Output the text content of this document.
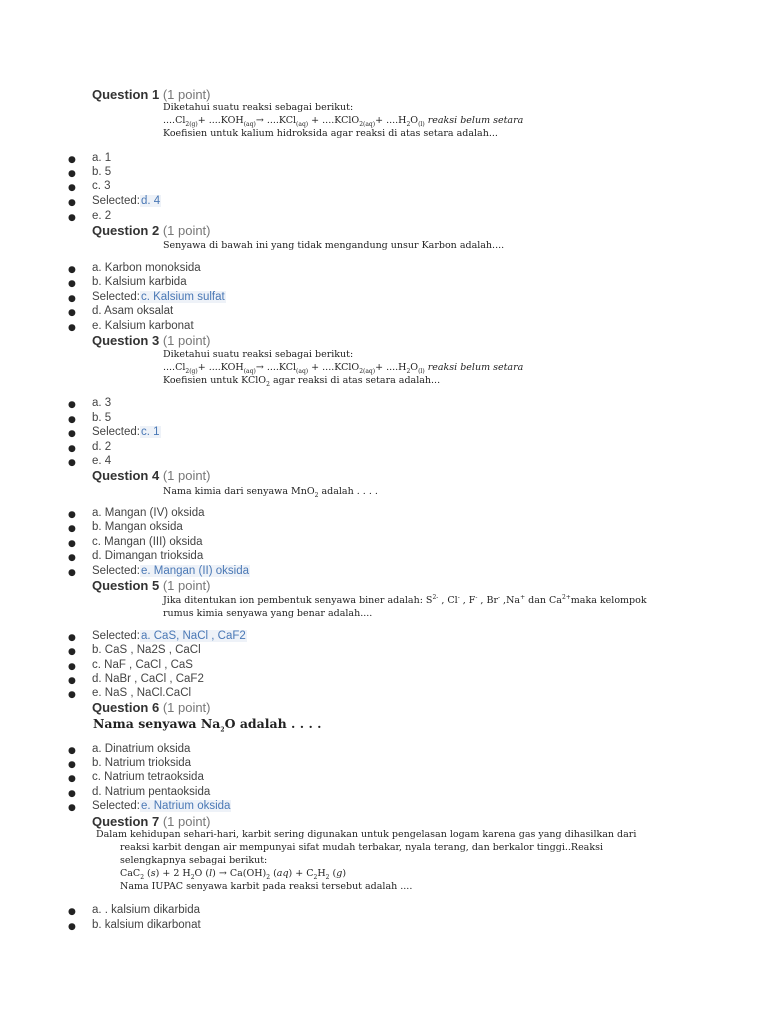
Question 1 (1 point)
Diketahui suatu reaksi sebagai berikut:
$....Cl_{2(g)}+ ....KOH_{(aq)}\to ....KCl_{(aq)}$ + ....KClO$_{2(aq)}$+ $....H_2O_{(l)}$ reaksi belum setara
Koefisien untuk kalium hidroksida agar reaksi di atas setara adalah...
● a. 1
● b. 5
● c. 3
● Selected:d. 4
● e. 2
Question 2 (1 point)
Senyawa di bawah ini yang tidak mengandung unsur Karbon adalah....
● a. Karbon monoksida
● b. Kalsium karbida
● Selected:c. Kalsium sulfat
● d. Asam oksalat
● e. Kalsium karbonat
Question 3 (1 point)
Diketahui suatu reaksi sebagai berikut:
$....Cl_{2(g)}+ ....KOH_{(aq)}\to ....KCl_{(aq)}$ + ....KClO$_{2(aq)}$+ $....H_2O_{(l)}$ reaksi belum setara
Koefisien untuk KClO$_2$ agar reaksi di atas setara adalah...
● a. 3
● b. 5
● Selected:c. 1
● d. 2
● e. 4
Question 4 (1 point)
Nama kimia dari senyawa MnO$_2$ adalah . . . .
● a. Mangan (IV) oksida
● b. Mangan oksida
● c. Mangan (III) oksida
● d. Dimangan trioksida
● Selected:e. Mangan (II) oksida
Question 5 (1 point)
Jika ditentukan ion pembentuk senyawa biner adalah: $S^{2-}$ , Cl- , F- , Br- ,Na+ dan $Ca^{2+}maka$ kelompok
rumus kimia senyawa yang benar adalah....
● Selected:a. CaS, NaCl , CaF2
● b. CaS , Na2S , CaCl
● c. NaF , CaCl , CaS
● d. NaBr , CaCl , CaF2
● e. NaS , NaCl.CaCl
Question 6 (1 point)
Nama senyawa $Na_2O$ adalah . . . .
● a. Dinatrium oksida
● b. Natrium trioksida
● c. Natrium tetraoksida
● d. Natrium pentaoksida
● Selected:e. Natrium oksida
Question 7 (1 point)
Dalam kehidupan sehari-hari, karbit sering digunakan untuk pengelasan logam karena gas yang dihasilkan dari
reaksi karbit dengan air mempunyai sifat mudah terbakar, nyala terang, dan berkalor tinggi..Reaksi
selengkapnya sebagai berikut:
CaC$_2$ (s) + 2 $H_2O$ $(l) \to Ca(OH)_2$ $(aq) + C_2H_2$ (g)
Nama IUPAC senyawa karbit pada reaksi tersebut adalah ....
● a. . kalsium dikarbida
● b. kalsium dikarbonat
